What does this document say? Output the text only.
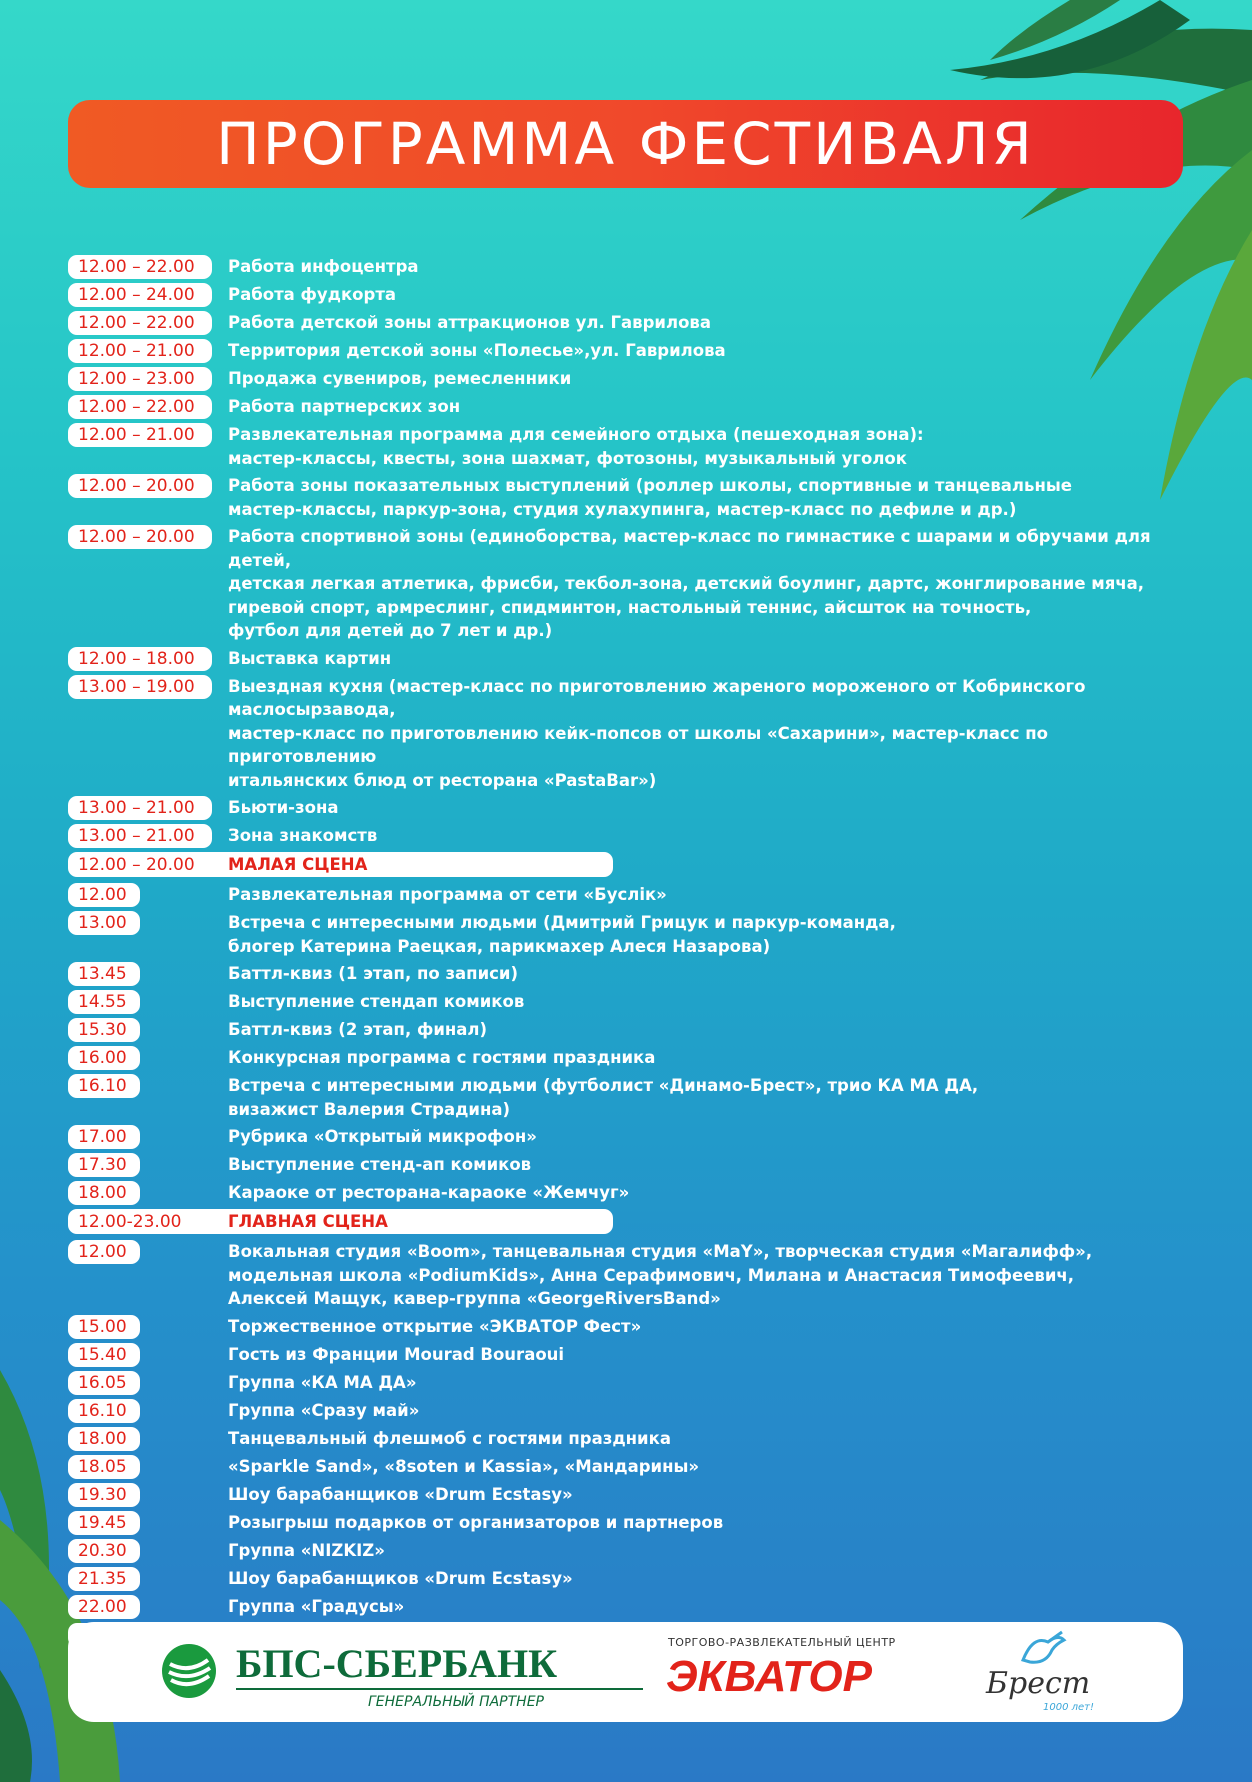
ПРОГРАММА ФЕСТИВАЛЯ
12.00 – 22.00	Работа инфоцентра
12.00 – 24.00	Работа фудкорта
12.00 – 22.00	Работа детской зоны аттракционов ул. Гаврилова
12.00 – 21.00	Территория детской зоны «Полесье»,ул. Гаврилова
12.00 – 23.00	Продажа сувениров, ремесленники
12.00 – 22.00	Работа партнерских зон
12.00 – 21.00	Развлекательная программа для семейного отдыха (пешеходная зона):
мастер-классы, квесты, зона шахмат, фотозоны, музыкальный уголок
12.00 – 20.00	Работа зоны показательных выступлений (роллер школы, спортивные и танцевальные
мастер-классы, паркур-зона, студия хулахупинга, мастер-класс по дефиле и др.)
12.00 – 20.00	Работа спортивной зоны (единоборства, мастер-класс по гимнастике с шарами и обручами для детей,
детская легкая атлетика, фрисби, текбол-зона, детский боулинг, дартс, жонглирование мяча,
гиревой спорт, армреслинг, спидминтон, настольный теннис, айсшток на точность,
футбол для детей до 7 лет и др.)
12.00 – 18.00	Выставка картин
13.00 – 19.00	Выездная кухня (мастер-класс по приготовлению жареного мороженого от Кобринского маслосырзавода,
мастер-класс по приготовлению кейк-попсов от школы «Сахарини», мастер-класс по приготовлению
итальянских блюд от ресторана «PastaBar»)
13.00 – 21.00	Бьюти-зона
13.00 – 21.00	Зона знакомств
12.00 – 20.00	МАЛАЯ СЦЕНА
12.00	Развлекательная программа от сети «Буслік»
13.00	Встреча с интересными людьми (Дмитрий Грицук и паркур-команда,
блогер Катерина Раецкая, парикмахер Алеся Назарова)
13.45	Баттл-квиз (1 этап, по записи)
14.55	Выступление стендап комиков
15.30	Баттл-квиз (2 этап, финал)
16.00	Конкурсная программа с гостями праздника
16.10	Встреча с интересными людьми (футболист «Динамо-Брест», трио КА МА ДА,
визажист Валерия Страдина)
17.00	Рубрика «Открытый микрофон»
17.30	Выступление стенд-ап комиков
18.00	Караоке от ресторана-караоке «Жемчуг»
12.00-23.00	ГЛАВНАЯ СЦЕНА
12.00	Вокальная студия «Boom», танцевальная студия «MaY», творческая студия «Магалифф»,
модельная школа «PodiumKids», Анна Серафимович, Милана и Анастасия Тимофеевич,
Алексей Мащук, кавер-группа «GeorgeRiversBand»
15.00	Торжественное открытие «ЭКВАТОР Фест»
15.40	Гость из Франции Mourad Bouraoui
16.05	Группа «КА МА ДА»
16.10	Группа «Сразу май»
18.00	Танцевальный флешмоб с гостями праздника
18.05	«Sparkle Sand», «8soten и Kassia», «Мандарины»
19.30	Шоу барабанщиков «Drum Ecstasy»
19.45	Розыгрыш подарков от организаторов и партнеров
20.30	Группа «NIZKIZ»
21.35	Шоу барабанщиков «Drum Ecstasy»
22.00	Группа «Градусы»
БПС-СБЕРБАНК
ГЕНЕРАЛЬНЫЙ ПАРТНЕР
ТОРГОВО-РАЗВЛЕКАТЕЛЬНЫЙ ЦЕНТР
ЭКВАТОР	Брест
1000 лет!
